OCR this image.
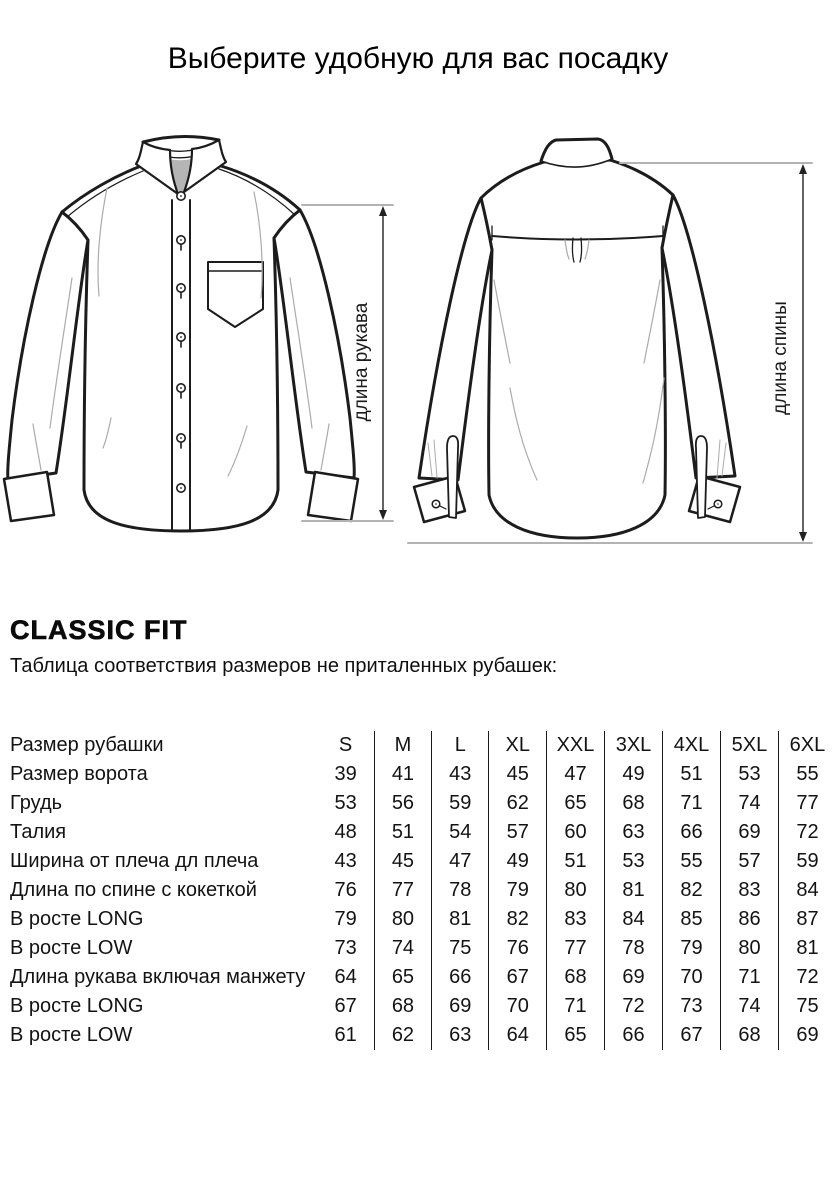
Выберите удобную для вас посадку
длина рукава	длина спины
CLASSIC FIT
Таблица соответствия размеров не приталенных рубашек:
Размер рубашки	S	M	L	XL	XXL	3XL	4XL	5XL	6XL
Размер ворота	39	41	43	45	47	49	51	53	55
Грудь	53	56	59	62	65	68	71	74	77
Талия	48	51	54	57	60	63	66	69	72
Ширина от плеча дл плеча	43	45	47	49	51	53	55	57	59
Длина по спине с кокеткой	76	77	78	79	80	81	82	83	84
В росте LONG	79	80	81	82	83	84	85	86	87
В росте LOW	73	74	75	76	77	78	79	80	81
Длина рукава включая манжету	64	65	66	67	68	69	70	71	72
В росте LONG	67	68	69	70	71	72	73	74	75
В росте LOW	61	62	63	64	65	66	67	68	69
